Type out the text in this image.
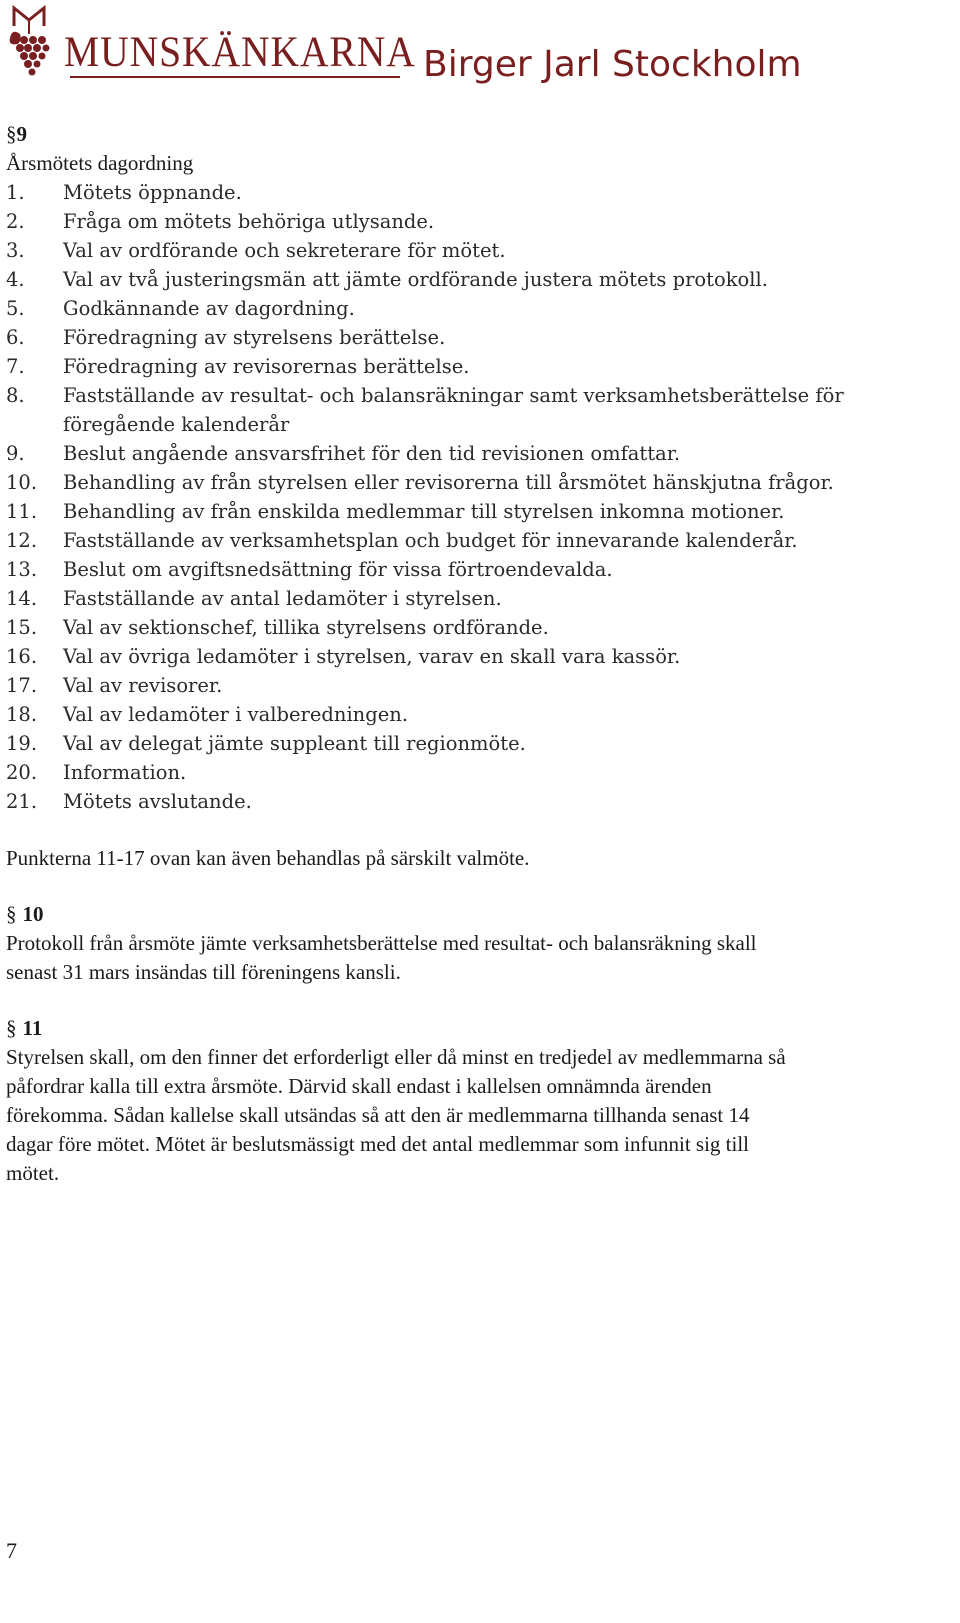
MUNSKÄNKARNA Birger Jarl Stockholm

§9

Årsmötets dagordning

1.	Mötets öppnande.
2.	Fråga om mötets behöriga utlysande.
3.	Val av ordförande och sekreterare för mötet.
4.	Val av två justeringsmän att jämte ordförande justera mötets protokoll.
5.	Godkännande av dagordning.
6.	Föredragning av styrelsens berättelse.
7.	Föredragning av revisorernas berättelse.
8.	Fastställande av resultat- och balansräkningar samt verksamhetsberättelse för föregående kalenderår
9.	Beslut angående ansvarsfrihet för den tid revisionen omfattar.
10.	Behandling av från styrelsen eller revisorerna till årsmötet hänskjutna frågor.
11.	Behandling av från enskilda medlemmar till styrelsen inkomna motioner.
12.	Fastställande av verksamhetsplan och budget för innevarande kalenderår.
13.	Beslut om avgiftsnedsättning för vissa förtroendevalda.
14.	Fastställande av antal ledamöter i styrelsen.
15.	Val av sektionschef, tillika styrelsens ordförande.
16.	Val av övriga ledamöter i styrelsen, varav en skall vara kassör.
17.	Val av revisorer.
18.	Val av ledamöter i valberedningen.
19.	Val av delegat jämte suppleant till regionmöte.
20.	Information.
21.	Mötets avslutande.

Punkterna 11-17 ovan kan även behandlas på särskilt valmöte.

§ 10

Protokoll från årsmöte jämte verksamhetsberättelse med resultat- och balansräkning skall

senast 31 mars insändas till föreningens kansli.

§ 11

Styrelsen skall, om den finner det erforderligt eller då minst en tredjedel av medlemmarna så

påfordrar kalla till extra årsmöte. Därvid skall endast i kallelsen omnämnda ärenden

förekomma. Sådan kallelse skall utsändas så att den är medlemmarna tillhanda senast 14

dagar före mötet. Mötet är beslutsmässigt med det antal medlemmar som infunnit sig till

mötet.

7
